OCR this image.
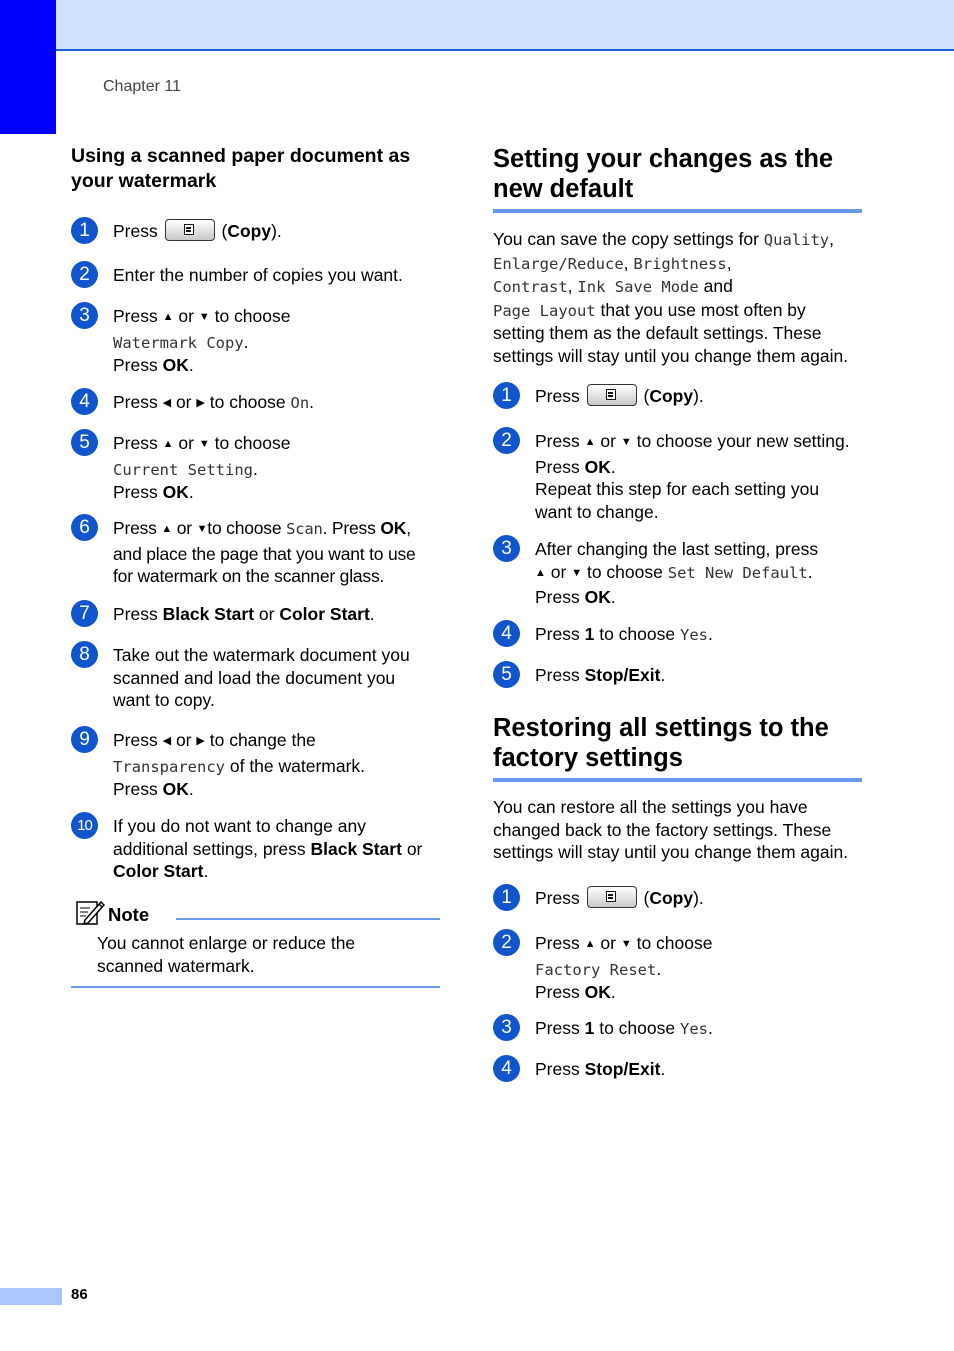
Chapter 11
Using a scanned paper document as
your watermark
1	Press	(Copy).
2	Enter the number of copies you want.
3	Press ▲ or ▼ to choose
Watermark Copy.
Press OK.
4	Press ◀ or ▶ to choose On.
5	Press ▲ or ▼ to choose
Current Setting.
Press OK.
6	Press ▲ or ▼to choose Scan. Press OK,
and place the page that you want to use
for watermark on the scanner glass.
7	Press Black Start or Color Start.
8	Take out the watermark document you
scanned and load the document you
want to copy.
9	Press ◀ or ▶ to change the
Transparency of the watermark.
Press OK.
10	If you do not want to change any
additional settings, press Black Start or
Color Start.
Note
You cannot enlarge or reduce the
scanned watermark.
Setting your changes as the
new default
You can save the copy settings for Quality,
Enlarge/Reduce, Brightness,
Contrast, Ink Save Mode and
Page Layout that you use most often by
setting them as the default settings. These
settings will stay until you change them again.
1	Press	(Copy).
2	Press ▲ or ▼ to choose your new setting.
Press OK.
Repeat this step for each setting you
want to change.
3	After changing the last setting, press
▲ or ▼ to choose Set New Default.
Press OK.
4	Press 1 to choose Yes.
5	Press Stop/Exit.
Restoring all settings to the
factory settings
You can restore all the settings you have
changed back to the factory settings. These
settings will stay until you change them again.
1	Press	(Copy).
2	Press ▲ or ▼ to choose
Factory Reset.
Press OK.
3	Press 1 to choose Yes.
4	Press Stop/Exit.
86
